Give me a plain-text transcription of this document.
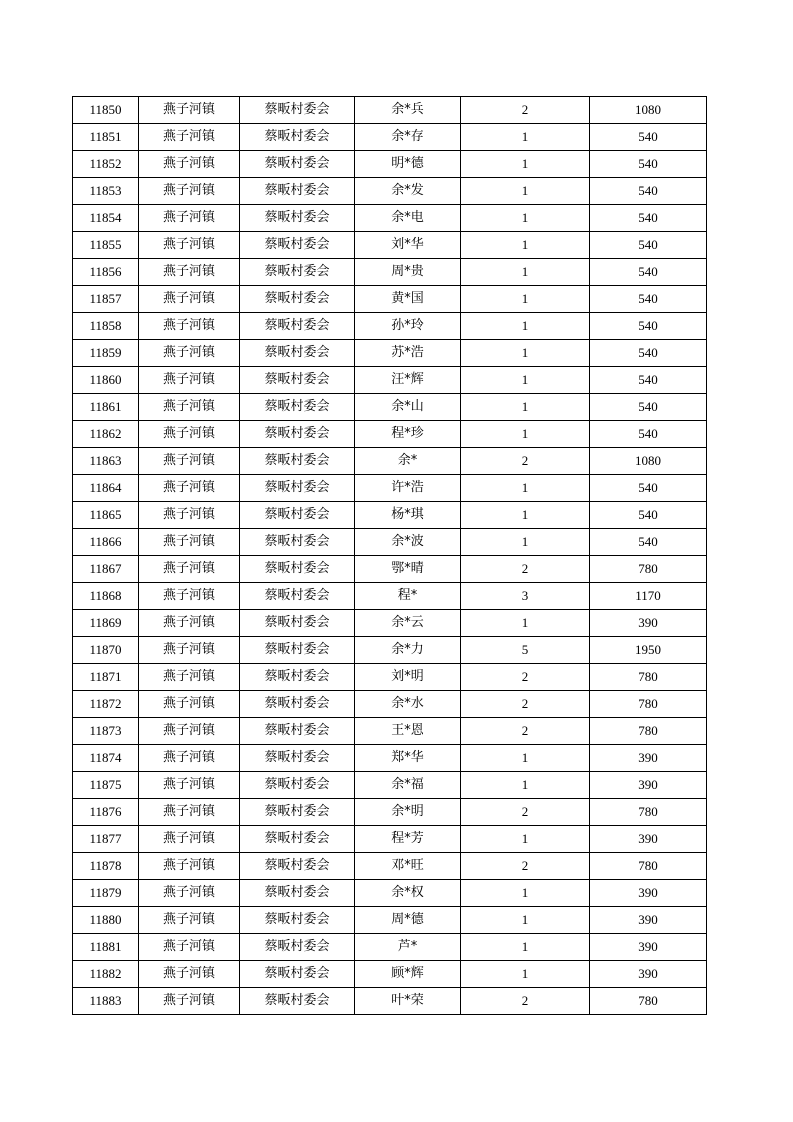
11850	燕子河镇	蔡畈村委会	余*兵	2	1080
11851	燕子河镇	蔡畈村委会	余*存	1	540
11852	燕子河镇	蔡畈村委会	明*德	1	540
11853	燕子河镇	蔡畈村委会	余*发	1	540
11854	燕子河镇	蔡畈村委会	余*电	1	540
11855	燕子河镇	蔡畈村委会	刘*华	1	540
11856	燕子河镇	蔡畈村委会	周*贵	1	540
11857	燕子河镇	蔡畈村委会	黄*国	1	540
11858	燕子河镇	蔡畈村委会	孙*玲	1	540
11859	燕子河镇	蔡畈村委会	苏*浩	1	540
11860	燕子河镇	蔡畈村委会	汪*辉	1	540
11861	燕子河镇	蔡畈村委会	余*山	1	540
11862	燕子河镇	蔡畈村委会	程*珍	1	540
11863	燕子河镇	蔡畈村委会	余*	2	1080
11864	燕子河镇	蔡畈村委会	许*浩	1	540
11865	燕子河镇	蔡畈村委会	杨*琪	1	540
11866	燕子河镇	蔡畈村委会	余*波	1	540
11867	燕子河镇	蔡畈村委会	鄂*晴	2	780
11868	燕子河镇	蔡畈村委会	程*	3	1170
11869	燕子河镇	蔡畈村委会	余*云	1	390
11870	燕子河镇	蔡畈村委会	余*力	5	1950
11871	燕子河镇	蔡畈村委会	刘*明	2	780
11872	燕子河镇	蔡畈村委会	余*水	2	780
11873	燕子河镇	蔡畈村委会	王*恩	2	780
11874	燕子河镇	蔡畈村委会	郑*华	1	390
11875	燕子河镇	蔡畈村委会	余*福	1	390
11876	燕子河镇	蔡畈村委会	余*明	2	780
11877	燕子河镇	蔡畈村委会	程*芳	1	390
11878	燕子河镇	蔡畈村委会	邓*旺	2	780
11879	燕子河镇	蔡畈村委会	余*权	1	390
11880	燕子河镇	蔡畈村委会	周*德	1	390
11881	燕子河镇	蔡畈村委会	芦*	1	390
11882	燕子河镇	蔡畈村委会	顾*辉	1	390
11883	燕子河镇	蔡畈村委会	叶*荣	2	780
